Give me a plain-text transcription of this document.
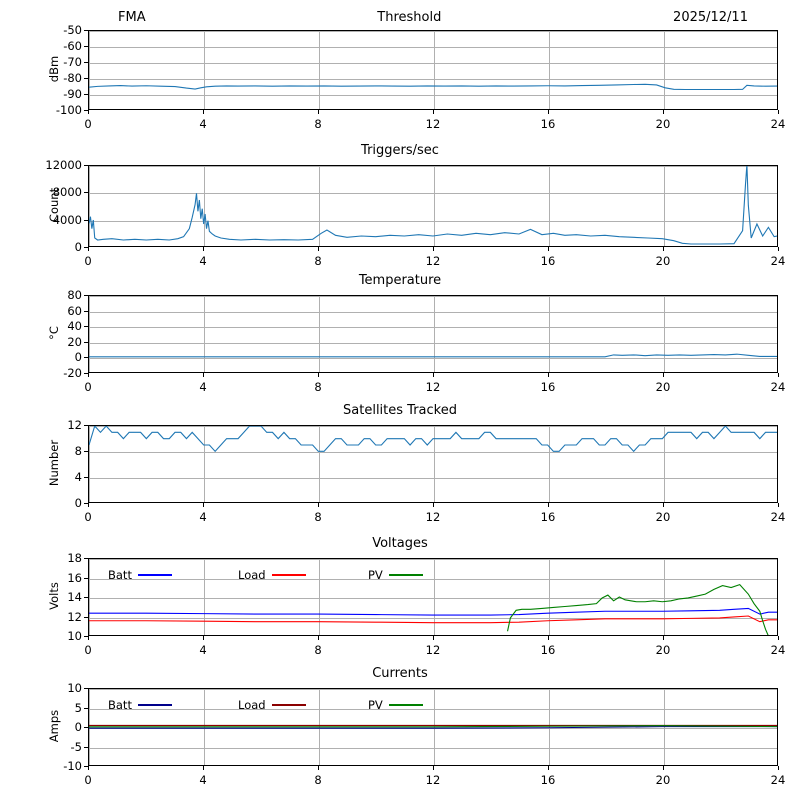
FMA	Threshold	2025/12/11
-100
-90
-80
-70
-60
-50
0	4	8	12	16	20	24
dBm
Triggers/sec
0
4000
8000
12000
0	4	8	12	16	20	24
Count
Temperature
-20
0
20
40
60
80
0	4	8	12	16	20	24
°C
Satellites Tracked
0
4
8
12
0	4	8	12	16	20	24
Number
Voltages
10
12
14
16
18
0	4	8	12	16	20	24
Volts
Batt	Load	PV
Currents
-10
-5
0
5
10
0	4	8	12	16	20	24
Amps
Batt	Load	PV
